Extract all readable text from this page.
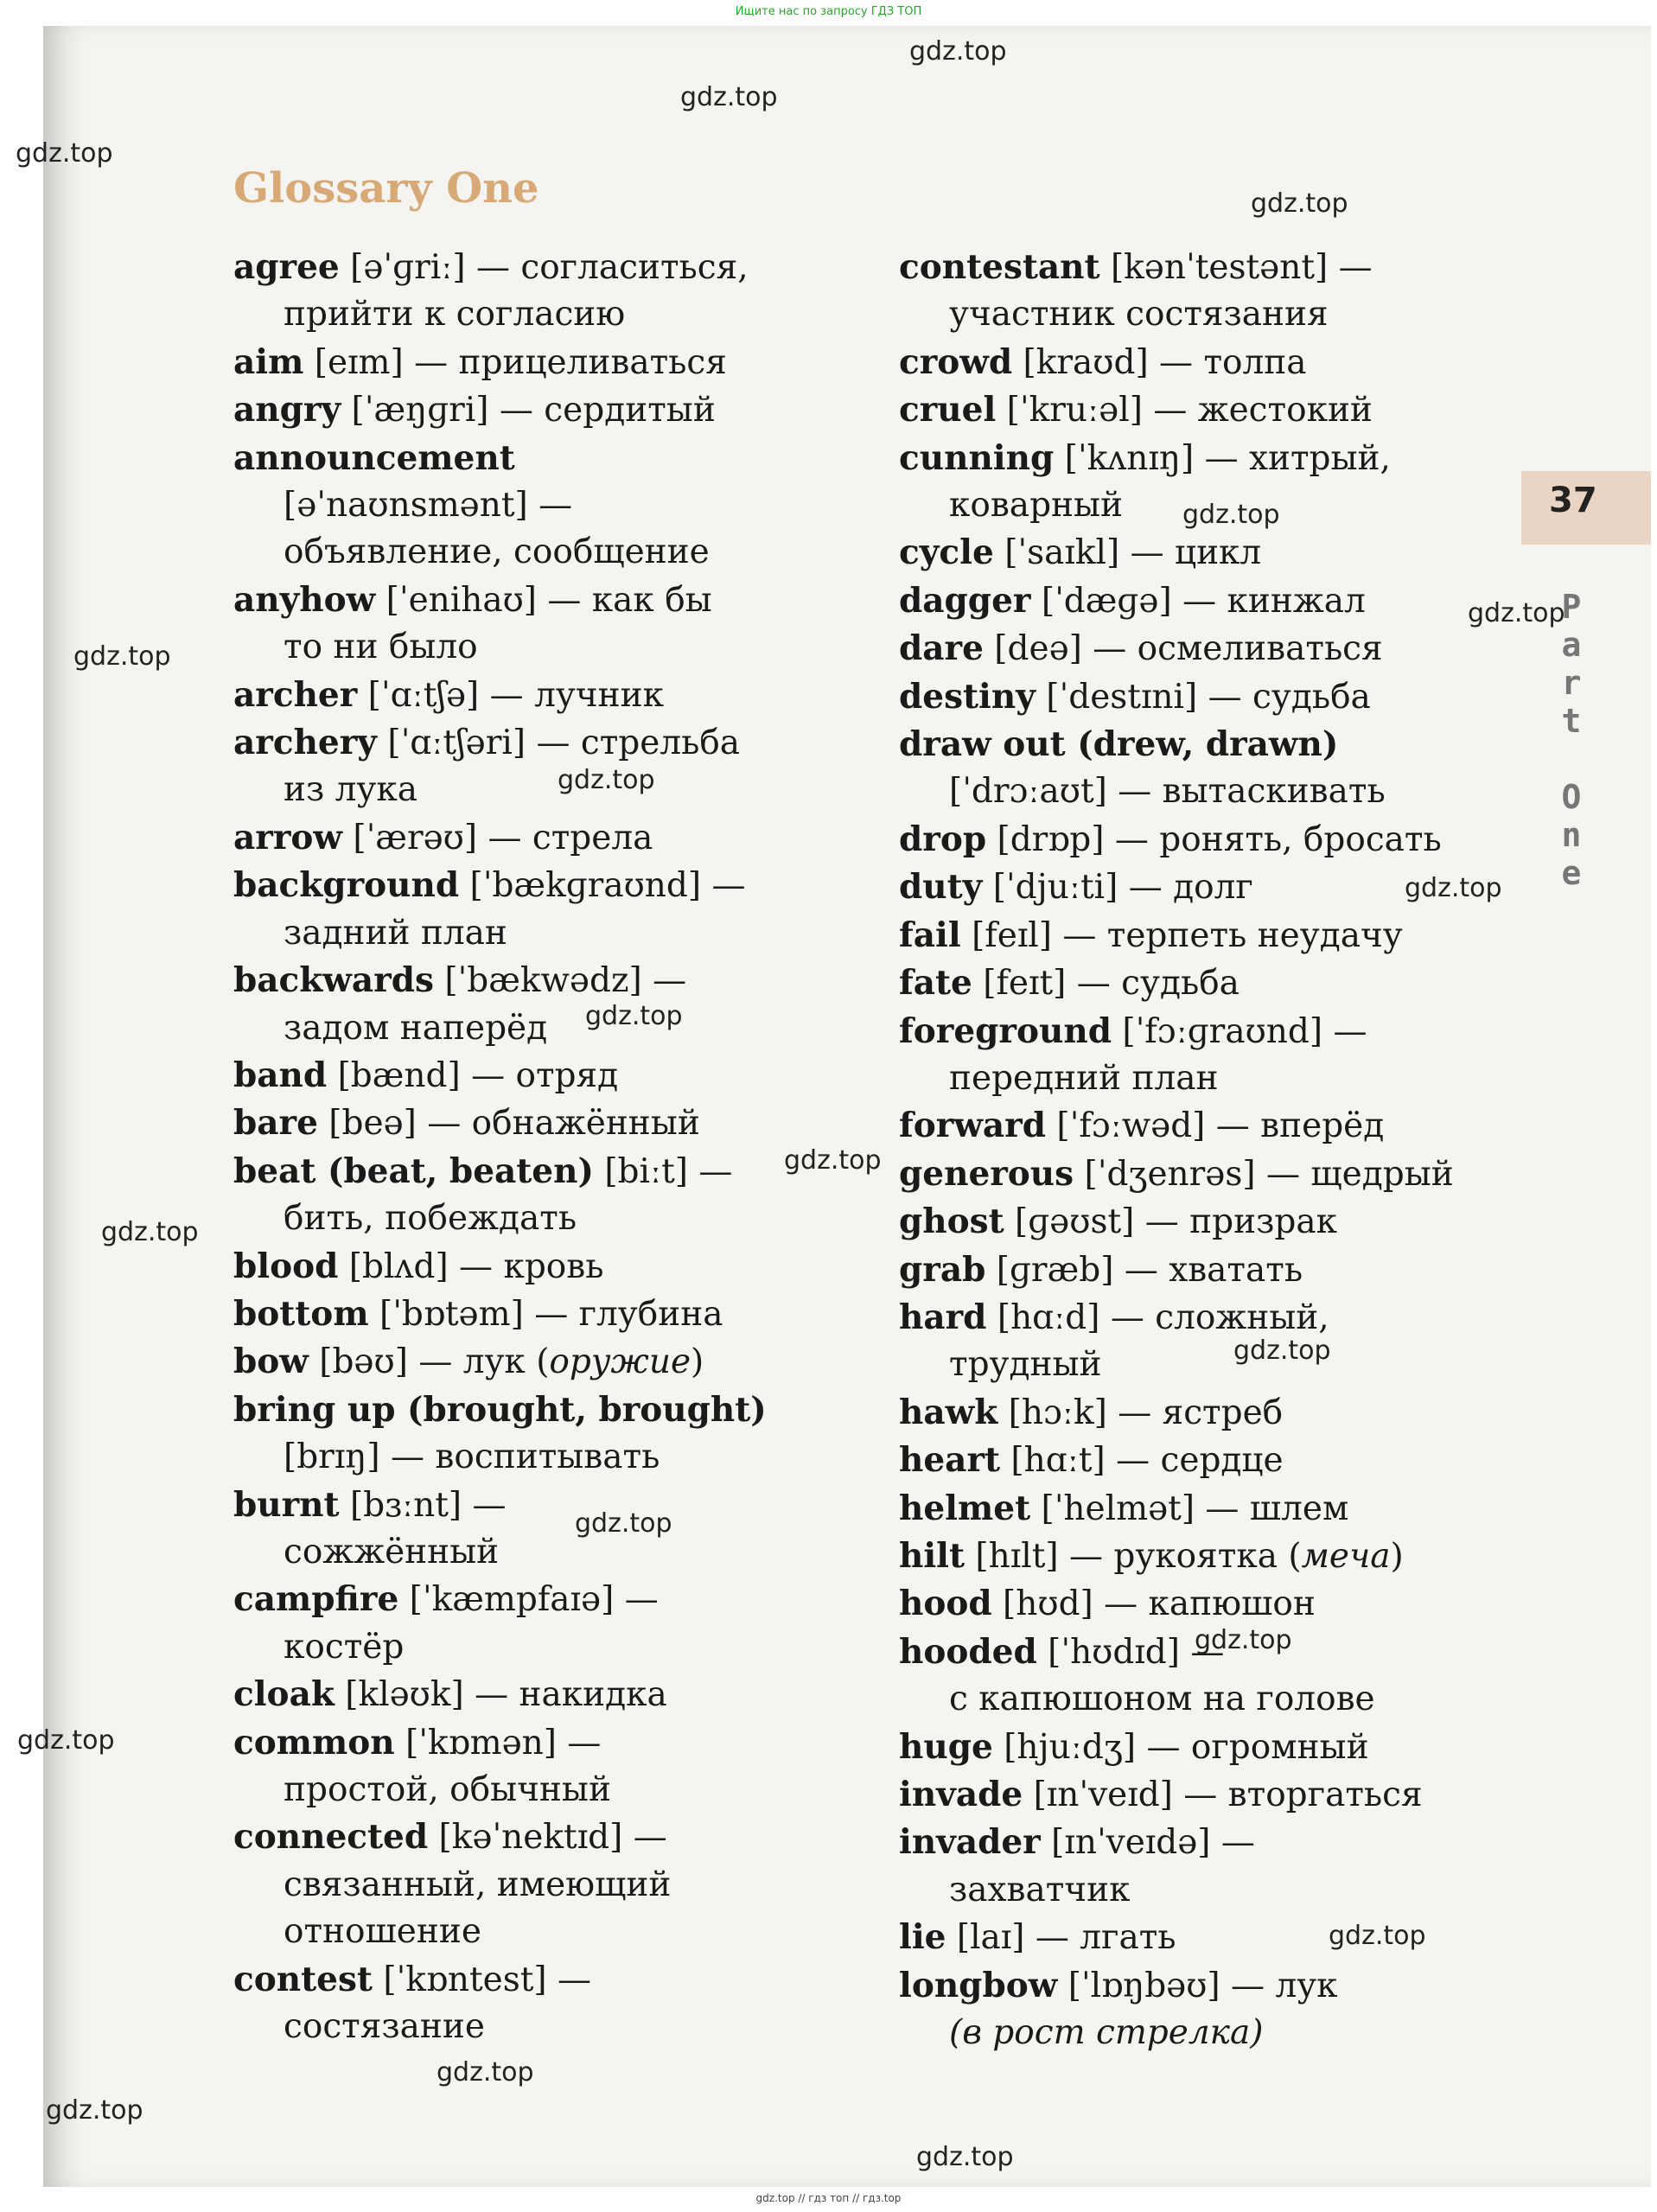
Ищите нас по запросу ГДЗ ТОП
Glossary One
agree [əˈɡriː] — согласиться,
прийти к согласию
aim [eɪm] — прицеливаться
angry [ˈæŋɡri] — сердитый
announcement
[əˈnaʊnsmənt] —
объявление, сообщение
anyhow [ˈenihaʊ] — как бы
то ни было
archer [ˈɑːtʃə] — лучник
archery [ˈɑːtʃəri] — стрельба
из лука
arrow [ˈærəʊ] — стрела
background [ˈbækɡraʊnd] —
задний план
backwards [ˈbækwədz] —
задом наперёд
band [bænd] — отряд
bare [beə] — обнажённый
beat (beat, beaten) [biːt] —
бить, побеждать
blood [blʌd] — кровь
bottom [ˈbɒtəm] — глубина
bow [bəʊ] — лук (оружие)
bring up (brought, brought)
[brɪŋ] — воспитывать
burnt [bɜːnt] —
сожжённый
campfire [ˈkæmpfaɪə] —
костёр
cloak [kləʊk] — накидка
common [ˈkɒmən] —
простой, обычный
connected [kəˈnektɪd] —
связанный, имеющий
отношение
contest [ˈkɒntest] —
состязание
contestant [kənˈtestənt] —
участник состязания
crowd [kraʊd] — толпа
cruel [ˈkruːəl] — жестокий
cunning [ˈkʌnɪŋ] — хитрый,
коварный
cycle [ˈsaɪkl] — цикл
dagger [ˈdæɡə] — кинжал
dare [deə] — осмеливаться
destiny [ˈdestɪni] — судьба
draw out (drew, drawn)
[ˈdrɔːaʊt] — вытаскивать
drop [drɒp] — ронять, бросать
duty [ˈdjuːti] — долг
fail [feɪl] — терпеть неудачу
fate [feɪt] — судьба
foreground [ˈfɔːɡraʊnd] —
передний план
forward [ˈfɔːwəd] — вперёд
generous [ˈdʒenrəs] — щедрый
ghost [ɡəʊst] — призрак
grab [ɡræb] — хватать
hard [hɑːd] — сложный,
трудный
hawk [hɔːk] — ястреб
heart [hɑːt] — сердце
helmet [ˈhelmət] — шлем
hilt [hɪlt] — рукоятка (меча)
hood [hʊd] — капюшон
hooded [ˈhʊdɪd] —
с капюшоном на голове
huge [hjuːdʒ] — огромный
invade [ɪnˈveɪd] — вторгаться
invader [ɪnˈveɪdə] —
захватчик
lie [laɪ] — лгать
longbow [ˈlɒŋbəʊ] — лук
(в рост стрелка)
37
P
a
r
t

O
n
e
gdz.top
gdz.top
gdz.top
gdz.top
gdz.top
gdz.top
gdz.top
gdz.top
gdz.top
gdz.top
gdz.top
gdz.top
gdz.top
gdz.top
gdz.top
gdz.top
gdz.top
gdz.top
gdz.top
gdz.top
gdz.top // гдз топ // гдз.top
